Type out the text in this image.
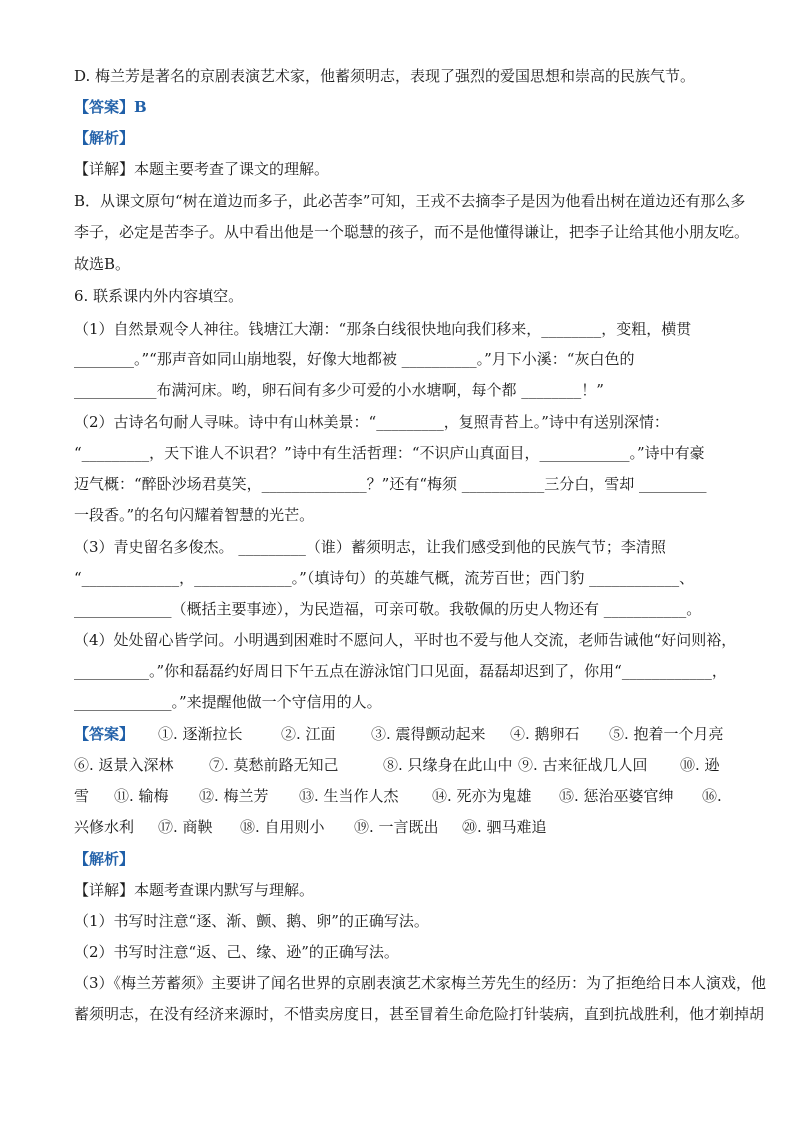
D. 梅兰芳是著名的京剧表演艺术家，他蓄须明志，表现了强烈的爱国思想和崇高的民族气节。
【答案】B
【解析】
【详解】本题主要考查了课文的理解。
B．从课文原句“树在道边而多子，此必苦李”可知，王戎不去摘李子是因为他看出树在道边还有那么多
李子，必定是苦李子。从中看出他是一个聪慧的孩子，而不是他懂得谦让，把李子让给其他小朋友吃。
故选B。
6. 联系课内外内容填空。
（1）自然景观令人神往。钱塘江大潮：“那条白线很快地向我们移来，________，变粗，横贯
________。”“那声音如同山崩地裂，好像大地都被 __________。”月下小溪：“灰白色的
___________布满河床。哟，卵石间有多少可爱的小水塘啊，每个都 ________！”
（2）古诗名句耐人寻味。诗中有山林美景：“_________，复照青苔上。”诗中有送别深情：
“_________，天下谁人不识君？”诗中有生活哲理：“不识庐山真面目，____________。”诗中有豪
迈气概：“醉卧沙场君莫笑，______________？”还有“梅须 ___________三分白，雪却 _________
一段香。”的名句闪耀着智慧的光芒。
（3）青史留名多俊杰。 _________（谁）蓄须明志，让我们感受到他的民族气节；李清照
“_____________，_____________。”（填诗句）的英雄气概，流芳百世；西门豹 ____________、
_____________（概括主要事迹），为民造福，可亲可敬。我敬佩的历史人物还有 ___________。
（4）处处留心皆学问。小明遇到困难时不愿问人，平时也不爱与他人交流，老师告诫他“好问则裕，
__________。”你和磊磊约好周日下午五点在游泳馆门口见面，磊磊却迟到了，你用“____________，
_____________。”来提醒他做一个守信用的人。
【答案】 ①. 逐渐拉长	②. 江面 ③. 震得颤动起来 ④. 鹅卵石 ⑤. 抱着一个月亮
⑥. 返景入深林 ⑦. 莫愁前路无知己	⑧. 只缘身在此山中 ⑨. 古来征战几人回 ⑩. 逊
雪 ⑪. 输梅 ⑫. 梅兰芳 ⑬. 生当作人杰 ⑭. 死亦为鬼雄 ⑮. 惩治巫婆官绅 ⑯.
兴修水利 ⑰. 商鞅 ⑱. 自用则小 ⑲. 一言既出 ⑳. 驷马难追
【解析】
【详解】本题考查课内默写与理解。
（1）书写时注意“逐、渐、颤、鹅、卵”的正确写法。
（2）书写时注意“返、己、缘、逊”的正确写法。
（3）《梅兰芳蓄须》主要讲了闻名世界的京剧表演艺术家梅兰芳先生的经历：为了拒绝给日本人演戏，他
蓄须明志，在没有经济来源时，不惜卖房度日，甚至冒着生命危险打针装病，直到抗战胜利，他才剃掉胡
